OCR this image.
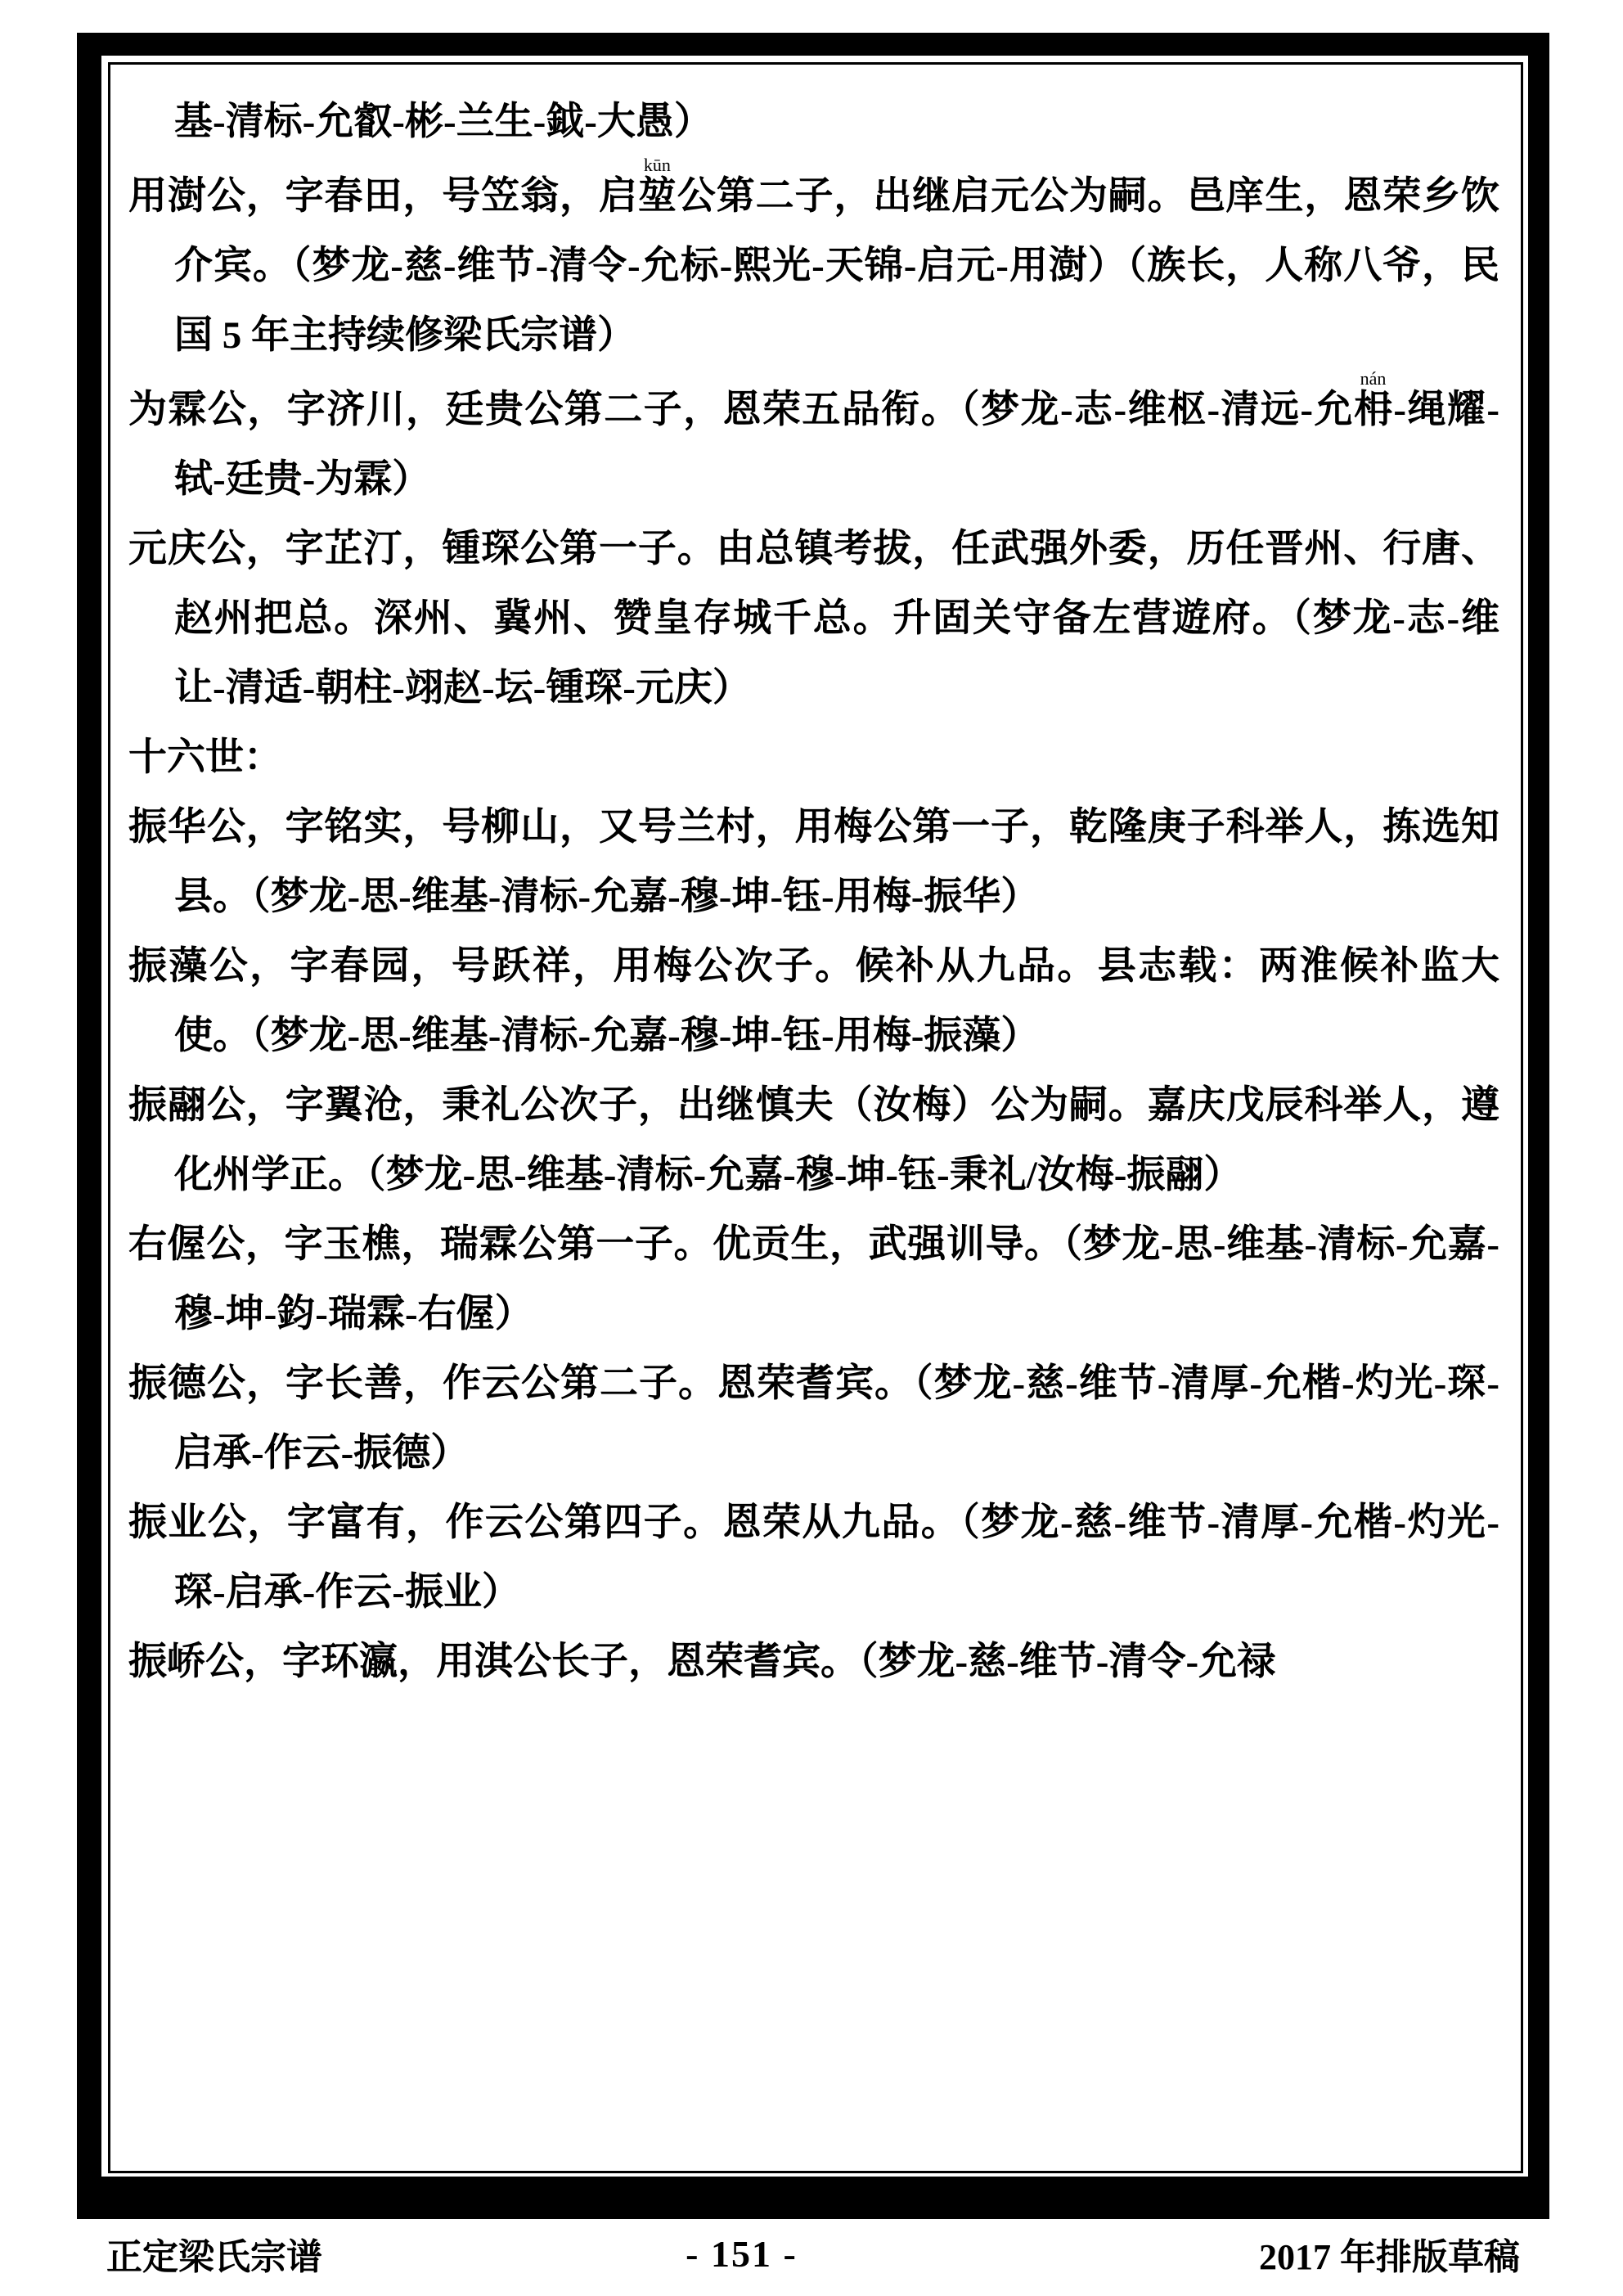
基-清标-允叡-彬-兰生-鉞-大愚）

用澍公，字春田，号笠翁，启堃kūn公第二子，出继启元公为嗣。邑庠生，恩荣乡饮介宾。（梦龙-慈-维节-清令-允标-熙光-天锦-启元-用澍）（族长，人称八爷，民国 5 年主持续修梁氏宗谱）

为霖公，字济川，廷贵公第二子，恩荣五品衔。（梦龙-志-维枢-清远-允枏nán-绳耀-轼-廷贵-为霖）

元庆公，字芷汀，锺琛公第一子。由总镇考拔，任武强外委，历任晋州、行唐、赵州把总。深州、冀州、赞皇存城千总。升固关守备左营遊府。（梦龙-志-维让-清适-朝柱-翊赵-坛-锺琛-元庆）

十六世：

振华公，字铭实，号柳山，又号兰村，用梅公第一子，乾隆庚子科举人，拣选知县。（梦龙-思-维基-清标-允嘉-穆-坤-钰-用梅-振华）

振藻公，字春园，号跃祥，用梅公次子。候补从九品。县志载：两淮候补监大使。（梦龙-思-维基-清标-允嘉-穆-坤-钰-用梅-振藻）

振翮公，字翼沧，秉礼公次子，出继慎夫（汝梅）公为嗣。嘉庆戊辰科举人，遵化州学正。（梦龙-思-维基-清标-允嘉-穆-坤-钰-秉礼/汝梅-振翮）

右偓公，字玉樵，瑞霖公第一子。优贡生，武强训导。（梦龙-思-维基-清标-允嘉-穆-坤-鈞-瑞霖-右偓）

振德公，字长善，作云公第二子。恩荣耆宾。（梦龙-慈-维节-清厚-允楷-灼光-琛-启承-作云-振德）

振业公，字富有，作云公第四子。恩荣从九品。（梦龙-慈-维节-清厚-允楷-灼光-琛-启承-作云-振业）

振峤公，字环瀛，用淇公长子，恩荣耆宾。（梦龙-慈-维节-清令-允禄

正定梁氏宗谱	- 151 -	2017 年排版草稿
